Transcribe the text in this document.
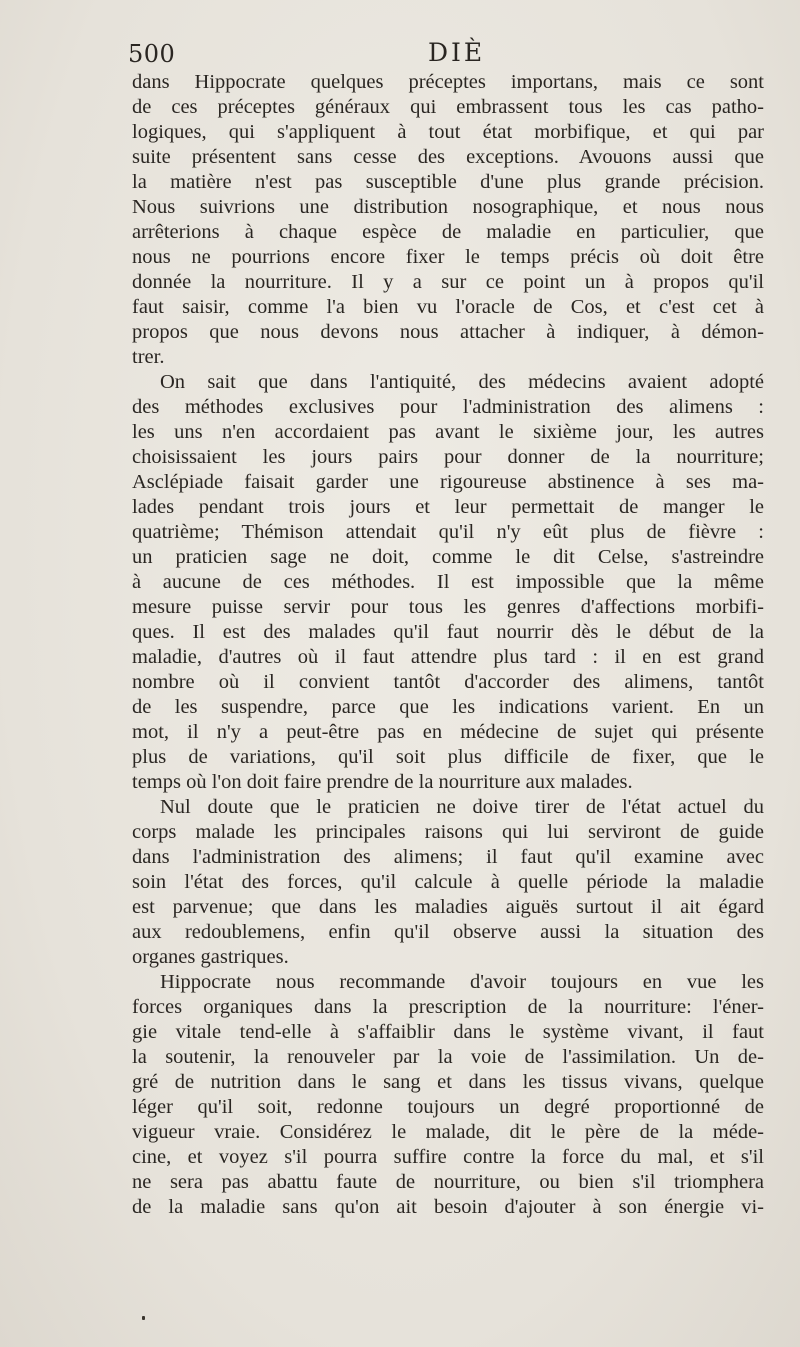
500	DIÈ
dans Hippocrate quelques préceptes importans, mais ce sont
de ces préceptes généraux qui embrassent tous les cas patho-
logiques, qui s'appliquent à tout état morbifique, et qui par
suite présentent sans cesse des exceptions. Avouons aussi que
la matière n'est pas susceptible d'une plus grande précision.
Nous suivrions une distribution nosographique, et nous nous
arrêterions à chaque espèce de maladie en particulier, que
nous ne pourrions encore fixer le temps précis où doit être
donnée la nourriture. Il y a sur ce point un à propos qu'il
faut saisir, comme l'a bien vu l'oracle de Cos, et c'est cet à
propos que nous devons nous attacher à indiquer, à démon-
trer.
On sait que dans l'antiquité, des médecins avaient adopté
des méthodes exclusives pour l'administration des alimens :
les uns n'en accordaient pas avant le sixième jour, les autres
choisissaient les jours pairs pour donner de la nourriture;
Asclépiade faisait garder une rigoureuse abstinence à ses ma-
lades pendant trois jours et leur permettait de manger le
quatrième; Thémison attendait qu'il n'y eût plus de fièvre :
un praticien sage ne doit, comme le dit Celse, s'astreindre
à aucune de ces méthodes. Il est impossible que la même
mesure puisse servir pour tous les genres d'affections morbifi-
ques. Il est des malades qu'il faut nourrir dès le début de la
maladie, d'autres où il faut attendre plus tard : il en est grand
nombre où il convient tantôt d'accorder des alimens, tantôt
de les suspendre, parce que les indications varient. En un
mot, il n'y a peut-être pas en médecine de sujet qui présente
plus de variations, qu'il soit plus difficile de fixer, que le
temps où l'on doit faire prendre de la nourriture aux malades.
Nul doute que le praticien ne doive tirer de l'état actuel du
corps malade les principales raisons qui lui serviront de guide
dans l'administration des alimens; il faut qu'il examine avec
soin l'état des forces, qu'il calcule à quelle période la maladie
est parvenue; que dans les maladies aiguës surtout il ait égard
aux redoublemens, enfin qu'il observe aussi la situation des
organes gastriques.
Hippocrate nous recommande d'avoir toujours en vue les
forces organiques dans la prescription de la nourriture: l'éner-
gie vitale tend-elle à s'affaiblir dans le système vivant, il faut
la soutenir, la renouveler par la voie de l'assimilation. Un de-
gré de nutrition dans le sang et dans les tissus vivans, quelque
léger qu'il soit, redonne toujours un degré proportionné de
vigueur vraie. Considérez le malade, dit le père de la méde-
cine, et voyez s'il pourra suffire contre la force du mal, et s'il
ne sera pas abattu faute de nourriture, ou bien s'il triomphera
de la maladie sans qu'on ait besoin d'ajouter à son énergie vi-
